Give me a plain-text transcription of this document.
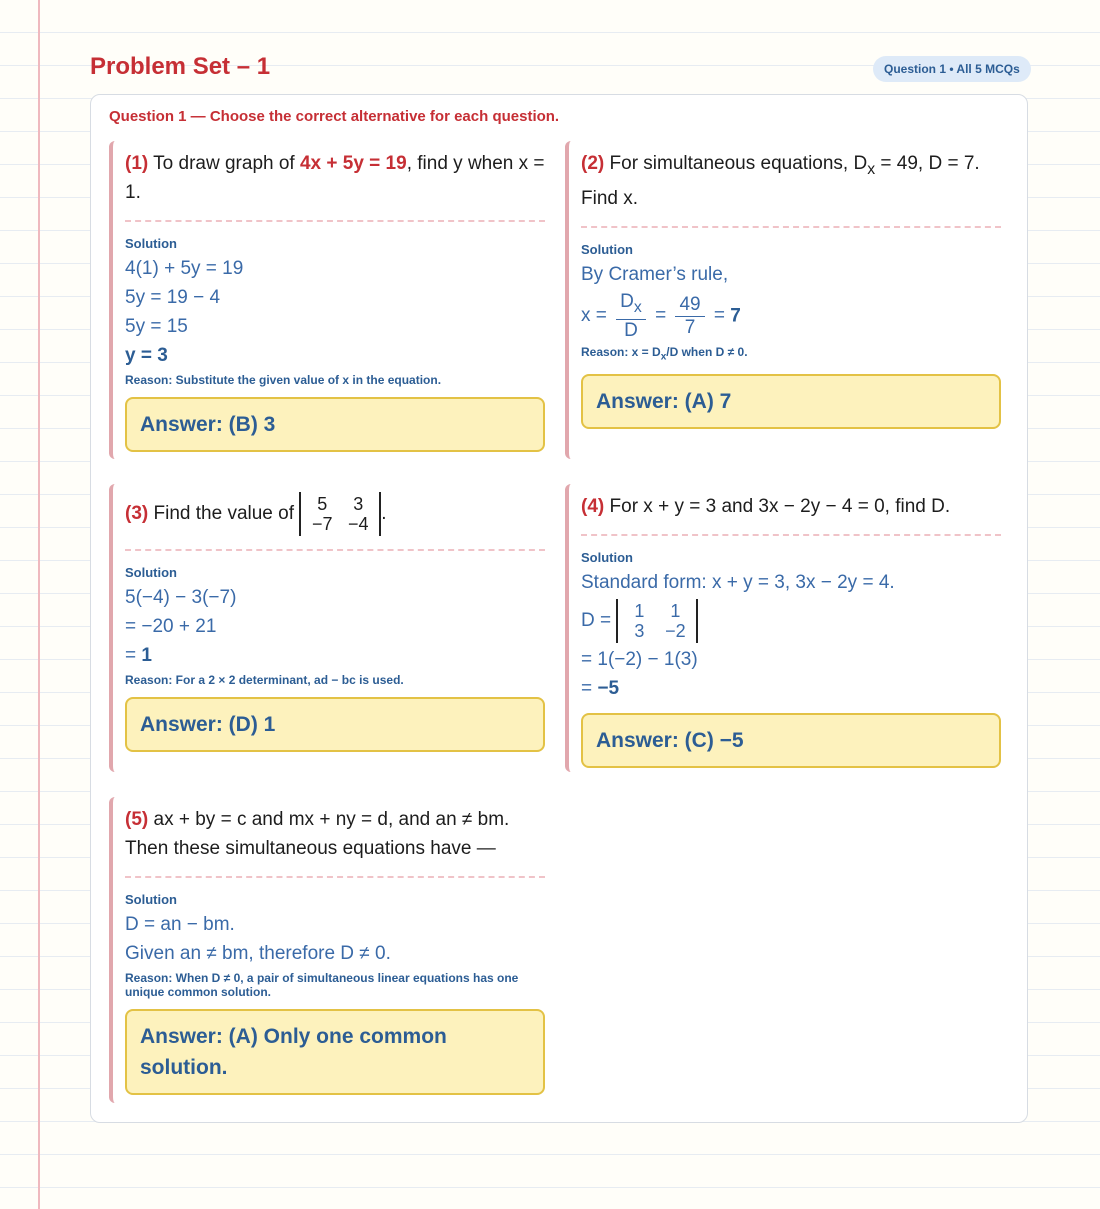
Problem Set – 1	Question 1 • All 5 MCQs
Question 1 — Choose the correct alternative for each question.
(1) To draw graph of 4x + 5y = 19, find y when x = 1.
Solution
4(1) + 5y = 19
5y = 19 − 4
5y = 15
y = 3
Reason: Substitute the given value of x in the equation.
Answer: (B) 3
(2) For simultaneous equations, $D_x = 49$, D = 7. Find x.
Solution
By Cramer’s rule,
$x = \frac{D_x}{D} = \frac{49}{7} = 7$
Reason: $x = D_x/D$ when D ≠ 0.
Answer: (A) 7
(3) Find the value of	5	3
−7 −4 .
Solution
5(−4) − 3(−7)
= −20 + 21
= 1
Reason: For a 2 × 2 determinant, ad − bc is used.
Answer: (D) 1
(4) For x + y = 3 and 3x − 2y − 4 = 0, find D.
Solution
Standard form: x + y = 3, 3x − 2y = 4.
D =	1	1
3	−2
= 1(−2) − 1(3)
= −5
Answer: (C) −5
(5) ax + by = c and mx + ny = d, and an ≠ bm. Then these simultaneous equations have —
Solution
D = an − bm.
Given an ≠ bm, therefore D ≠ 0.
Reason: When D ≠ 0, a pair of simultaneous linear equations has one unique common solution.
Answer: (A) Only one common solution.
